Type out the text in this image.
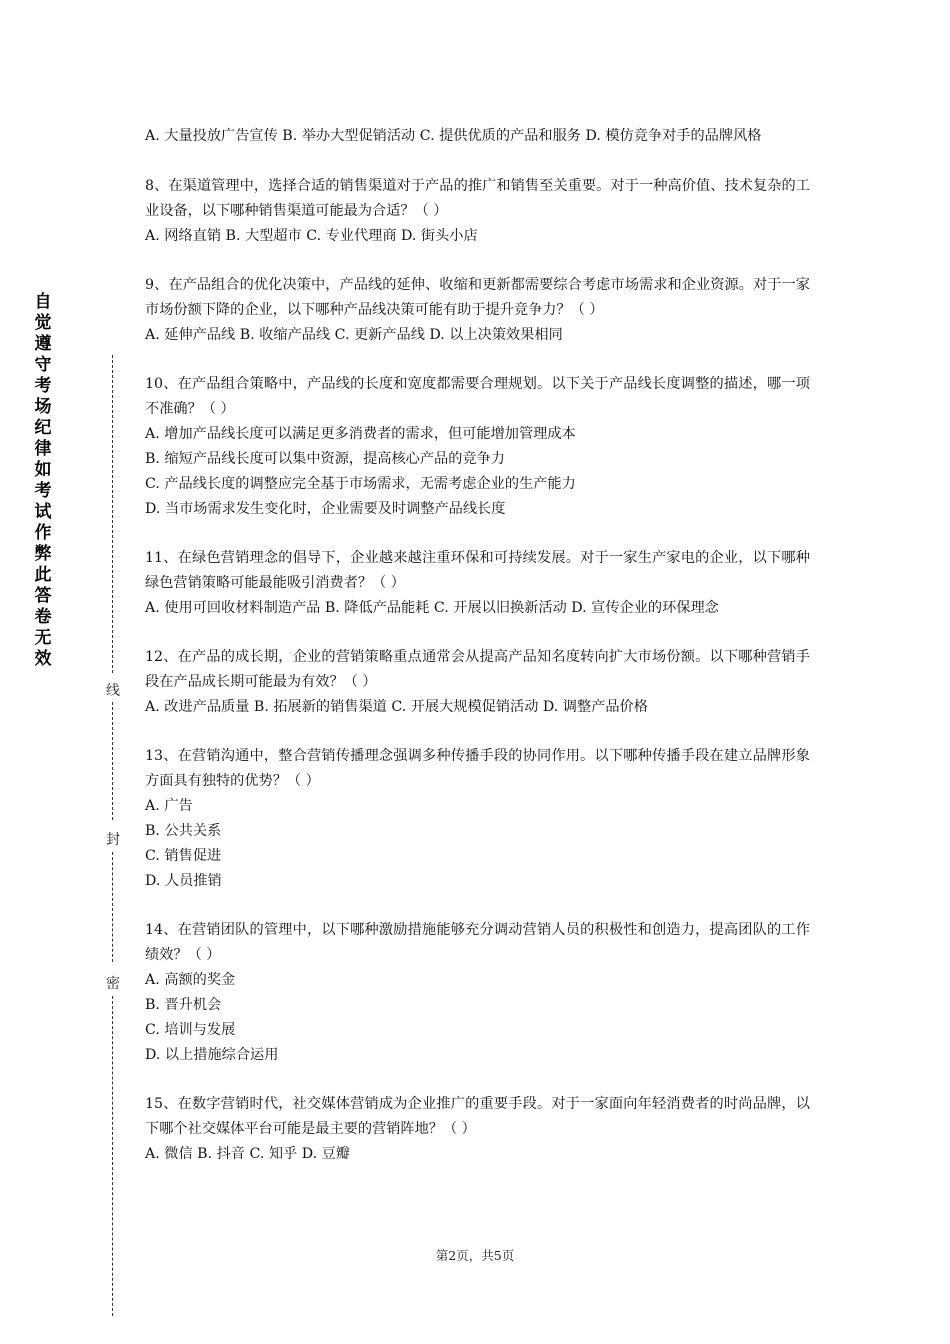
自
觉
遵
守
考
场
纪
律
如
考
试
作
弊
此
答
卷
无
效
线
封
密

A. 大量投放广告宣传 B. 举办大型促销活动 C. 提供优质的产品和服务 D. 模仿竞争对手的品牌风格

8、在渠道管理中，选择合适的销售渠道对于产品的推广和销售至关重要。对于一种高价值、技术复杂的工业设备，以下哪种销售渠道可能最为合适？（ ）

A. 网络直销 B. 大型超市 C. 专业代理商 D. 街头小店

9、在产品组合的优化决策中，产品线的延伸、收缩和更新都需要综合考虑市场需求和企业资源。对于一家市场份额下降的企业，以下哪种产品线决策可能有助于提升竞争力？（ ）

A. 延伸产品线 B. 收缩产品线 C. 更新产品线 D. 以上决策效果相同

10、在产品组合策略中，产品线的长度和宽度都需要合理规划。以下关于产品线长度调整的描述，哪一项不准确？（ ）

A. 增加产品线长度可以满足更多消费者的需求，但可能增加管理成本
B. 缩短产品线长度可以集中资源，提高核心产品的竞争力
C. 产品线长度的调整应完全基于市场需求，无需考虑企业的生产能力
D. 当市场需求发生变化时，企业需要及时调整产品线长度

11、在绿色营销理念的倡导下，企业越来越注重环保和可持续发展。对于一家生产家电的企业，以下哪种绿色营销策略可能最能吸引消费者？（ ）

A. 使用可回收材料制造产品 B. 降低产品能耗 C. 开展以旧换新活动 D. 宣传企业的环保理念

12、在产品的成长期，企业的营销策略重点通常会从提高产品知名度转向扩大市场份额。以下哪种营销手段在产品成长期可能最为有效？（ ）

A. 改进产品质量 B. 拓展新的销售渠道 C. 开展大规模促销活动 D. 调整产品价格

13、在营销沟通中，整合营销传播理念强调多种传播手段的协同作用。以下哪种传播手段在建立品牌形象方面具有独特的优势？（ ）

A. 广告
B. 公共关系
C. 销售促进
D. 人员推销

14、在营销团队的管理中，以下哪种激励措施能够充分调动营销人员的积极性和创造力，提高团队的工作绩效？（ ）

A. 高额的奖金
B. 晋升机会
C. 培训与发展
D. 以上措施综合运用

15、在数字营销时代，社交媒体营销成为企业推广的重要手段。对于一家面向年轻消费者的时尚品牌，以下哪个社交媒体平台可能是最主要的营销阵地？（ ）

A. 微信 B. 抖音 C. 知乎 D. 豆瓣

第2页，共5页
